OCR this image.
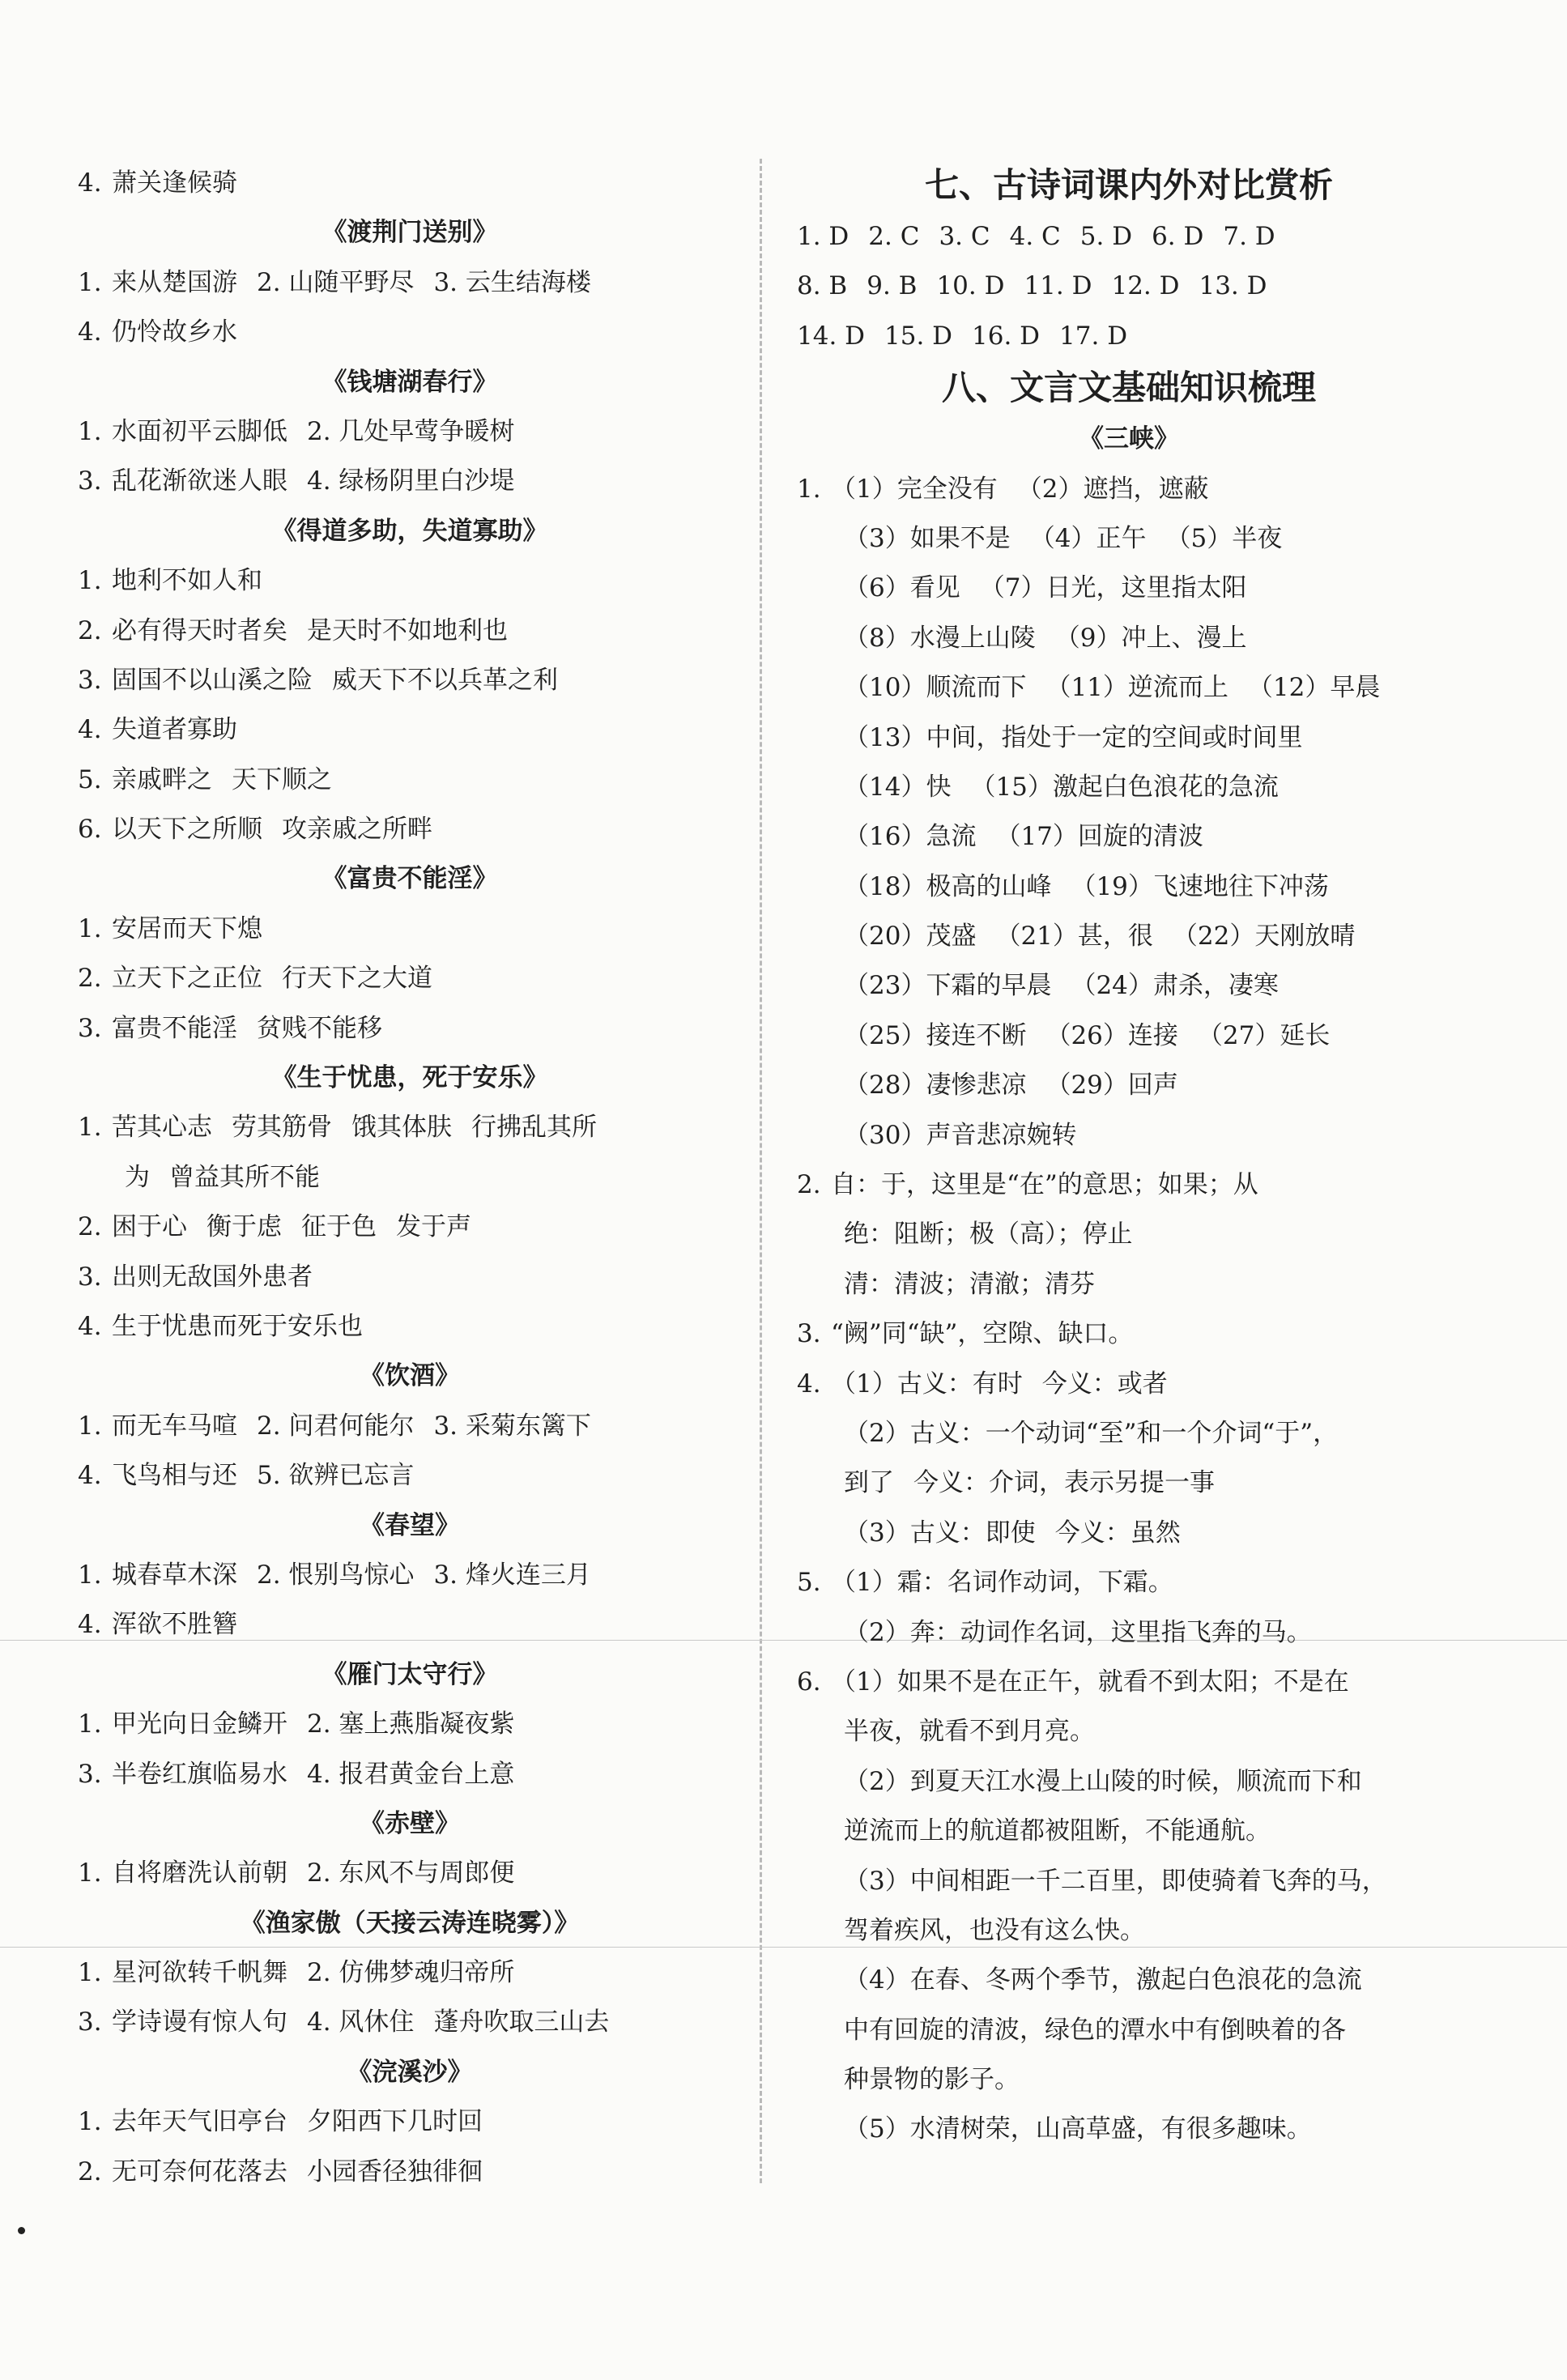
4. 萧关逢候骑
《渡荆门送别》
1. 来从楚国游 2. 山随平野尽 3. 云生结海楼
4. 仍怜故乡水
《钱塘湖春行》
1. 水面初平云脚低 2. 几处早莺争暖树
3. 乱花渐欲迷人眼 4. 绿杨阴里白沙堤
《得道多助，失道寡助》
1. 地利不如人和
2. 必有得天时者矣 是天时不如地利也
3. 固国不以山溪之险 威天下不以兵革之利
4. 失道者寡助
5. 亲戚畔之 天下顺之
6. 以天下之所顺 攻亲戚之所畔
《富贵不能淫》
1. 安居而天下熄
2. 立天下之正位 行天下之大道
3. 富贵不能淫 贫贱不能移
《生于忧患，死于安乐》
1. 苦其心志 劳其筋骨 饿其体肤 行拂乱其所
为 曾益其所不能
2. 困于心 衡于虑 征于色 发于声
3. 出则无敌国外患者
4. 生于忧患而死于安乐也
《饮酒》
1. 而无车马喧 2. 问君何能尔 3. 采菊东篱下
4. 飞鸟相与还 5. 欲辨已忘言
《春望》
1. 城春草木深 2. 恨别鸟惊心 3. 烽火连三月
4. 浑欲不胜簪
《雁门太守行》
1. 甲光向日金鳞开 2. 塞上燕脂凝夜紫
3. 半卷红旗临易水 4. 报君黄金台上意
《赤壁》
1. 自将磨洗认前朝 2. 东风不与周郎便
《渔家傲（天接云涛连晓雾）》
1. 星河欲转千帆舞 2. 仿佛梦魂归帝所
3. 学诗谩有惊人句 4. 风休住 蓬舟吹取三山去
《浣溪沙》
1. 去年天气旧亭台 夕阳西下几时回
2. 无可奈何花落去 小园香径独徘徊
七、古诗词课内外对比赏析
1. D 2. C 3. C 4. C 5. D 6. D 7. D
8. B 9. B 10. D 11. D 12. D 13. D
14. D 15. D 16. D 17. D
八、文言文基础知识梳理
《三峡》
1. （1）完全没有 （2）遮挡，遮蔽
（3）如果不是 （4）正午 （5）半夜
（6）看见 （7）日光，这里指太阳
（8）水漫上山陵 （9）冲上、漫上
（10）顺流而下 （11）逆流而上 （12）早晨
（13）中间，指处于一定的空间或时间里
（14）快 （15）激起白色浪花的急流
（16）急流 （17）回旋的清波
（18）极高的山峰 （19）飞速地往下冲荡
（20）茂盛 （21）甚，很 （22）天刚放晴
（23）下霜的早晨 （24）肃杀，凄寒
（25）接连不断 （26）连接 （27）延长
（28）凄惨悲凉 （29）回声
（30）声音悲凉婉转
2. 自：于，这里是“在”的意思；如果；从
绝：阻断；极（高）；停止
清：清波；清澈；清芬
3. “阙”同“缺”，空隙、缺口。
4. （1）古义：有时 今义：或者
（2）古义：一个动词“至”和一个介词“于”，
到了 今义：介词，表示另提一事
（3）古义：即使 今义：虽然
5. （1）霜：名词作动词，下霜。
（2）奔：动词作名词，这里指飞奔的马。
6. （1）如果不是在正午，就看不到太阳；不是在
半夜，就看不到月亮。
（2）到夏天江水漫上山陵的时候，顺流而下和
逆流而上的航道都被阻断，不能通航。
（3）中间相距一千二百里，即使骑着飞奔的马，
驾着疾风，也没有这么快。
（4）在春、冬两个季节，激起白色浪花的急流
中有回旋的清波，绿色的潭水中有倒映着的各
种景物的影子。
（5）水清树荣，山高草盛，有很多趣味。
